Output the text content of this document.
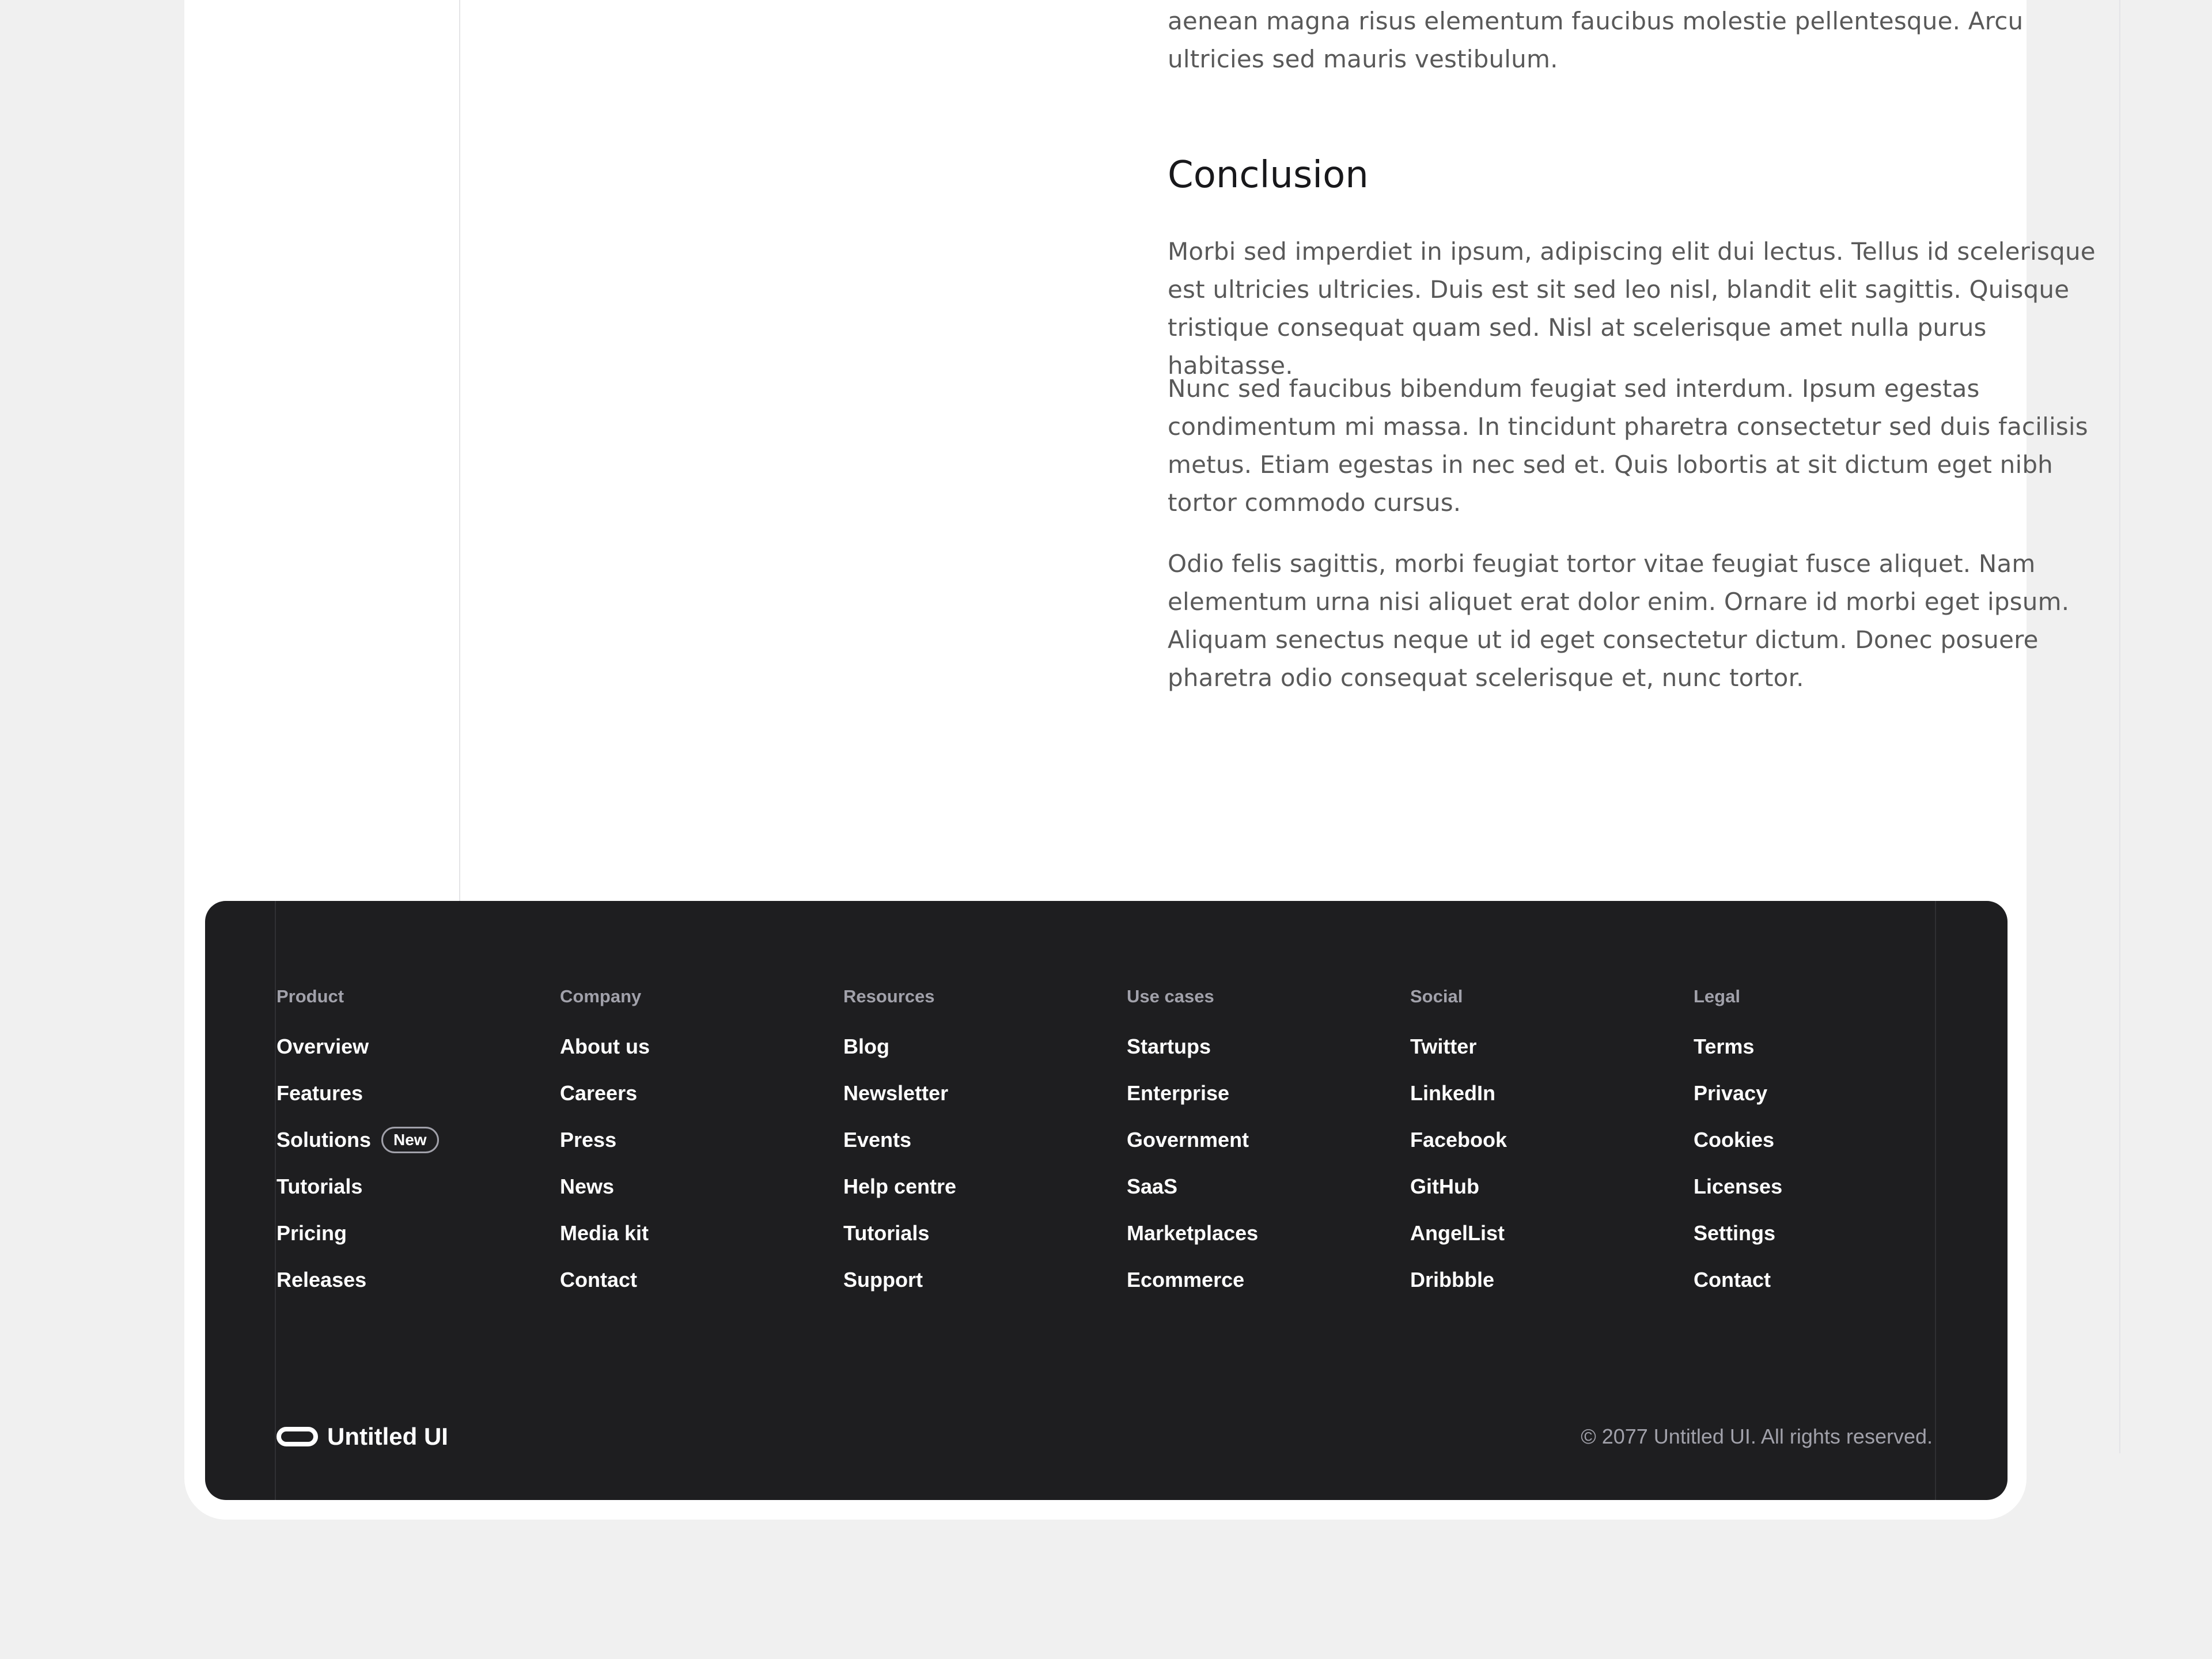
aenean magna risus elementum faucibus molestie pellentesque. Arcu ultricies sed mauris vestibulum.

Conclusion

Morbi sed imperdiet in ipsum, adipiscing elit dui lectus. Tellus id scelerisque est ultricies ultricies. Duis est sit sed leo nisl, blandit elit sagittis. Quisque tristique consequat quam sed. Nisl at scelerisque amet nulla purus habitasse.

Nunc sed faucibus bibendum feugiat sed interdum. Ipsum egestas condimentum mi massa. In tincidunt pharetra consectetur sed duis facilisis metus. Etiam egestas in nec sed et. Quis lobortis at sit dictum eget nibh tortor commodo cursus.

Odio felis sagittis, morbi feugiat tortor vitae feugiat fusce aliquet. Nam elementum urna nisi aliquet erat dolor enim. Ornare id morbi eget ipsum. Aliquam senectus neque ut id eget consectetur dictum. Donec posuere pharetra odio consequat scelerisque et, nunc tortor.

Product
Overview
Features
Solutions New
Tutorials
Pricing
Releases
Company
About us
Careers
Press
News
Media kit
Contact
Resources
Blog
Newsletter
Events
Help centre
Tutorials
Support
Use cases
Startups
Enterprise
Government
SaaS
Marketplaces
Ecommerce
Social
Twitter
LinkedIn
Facebook
GitHub
AngelList
Dribbble
Legal
Terms
Privacy
Cookies
Licenses
Settings
Contact
Untitled UI	© 2077 Untitled UI. All rights reserved.
